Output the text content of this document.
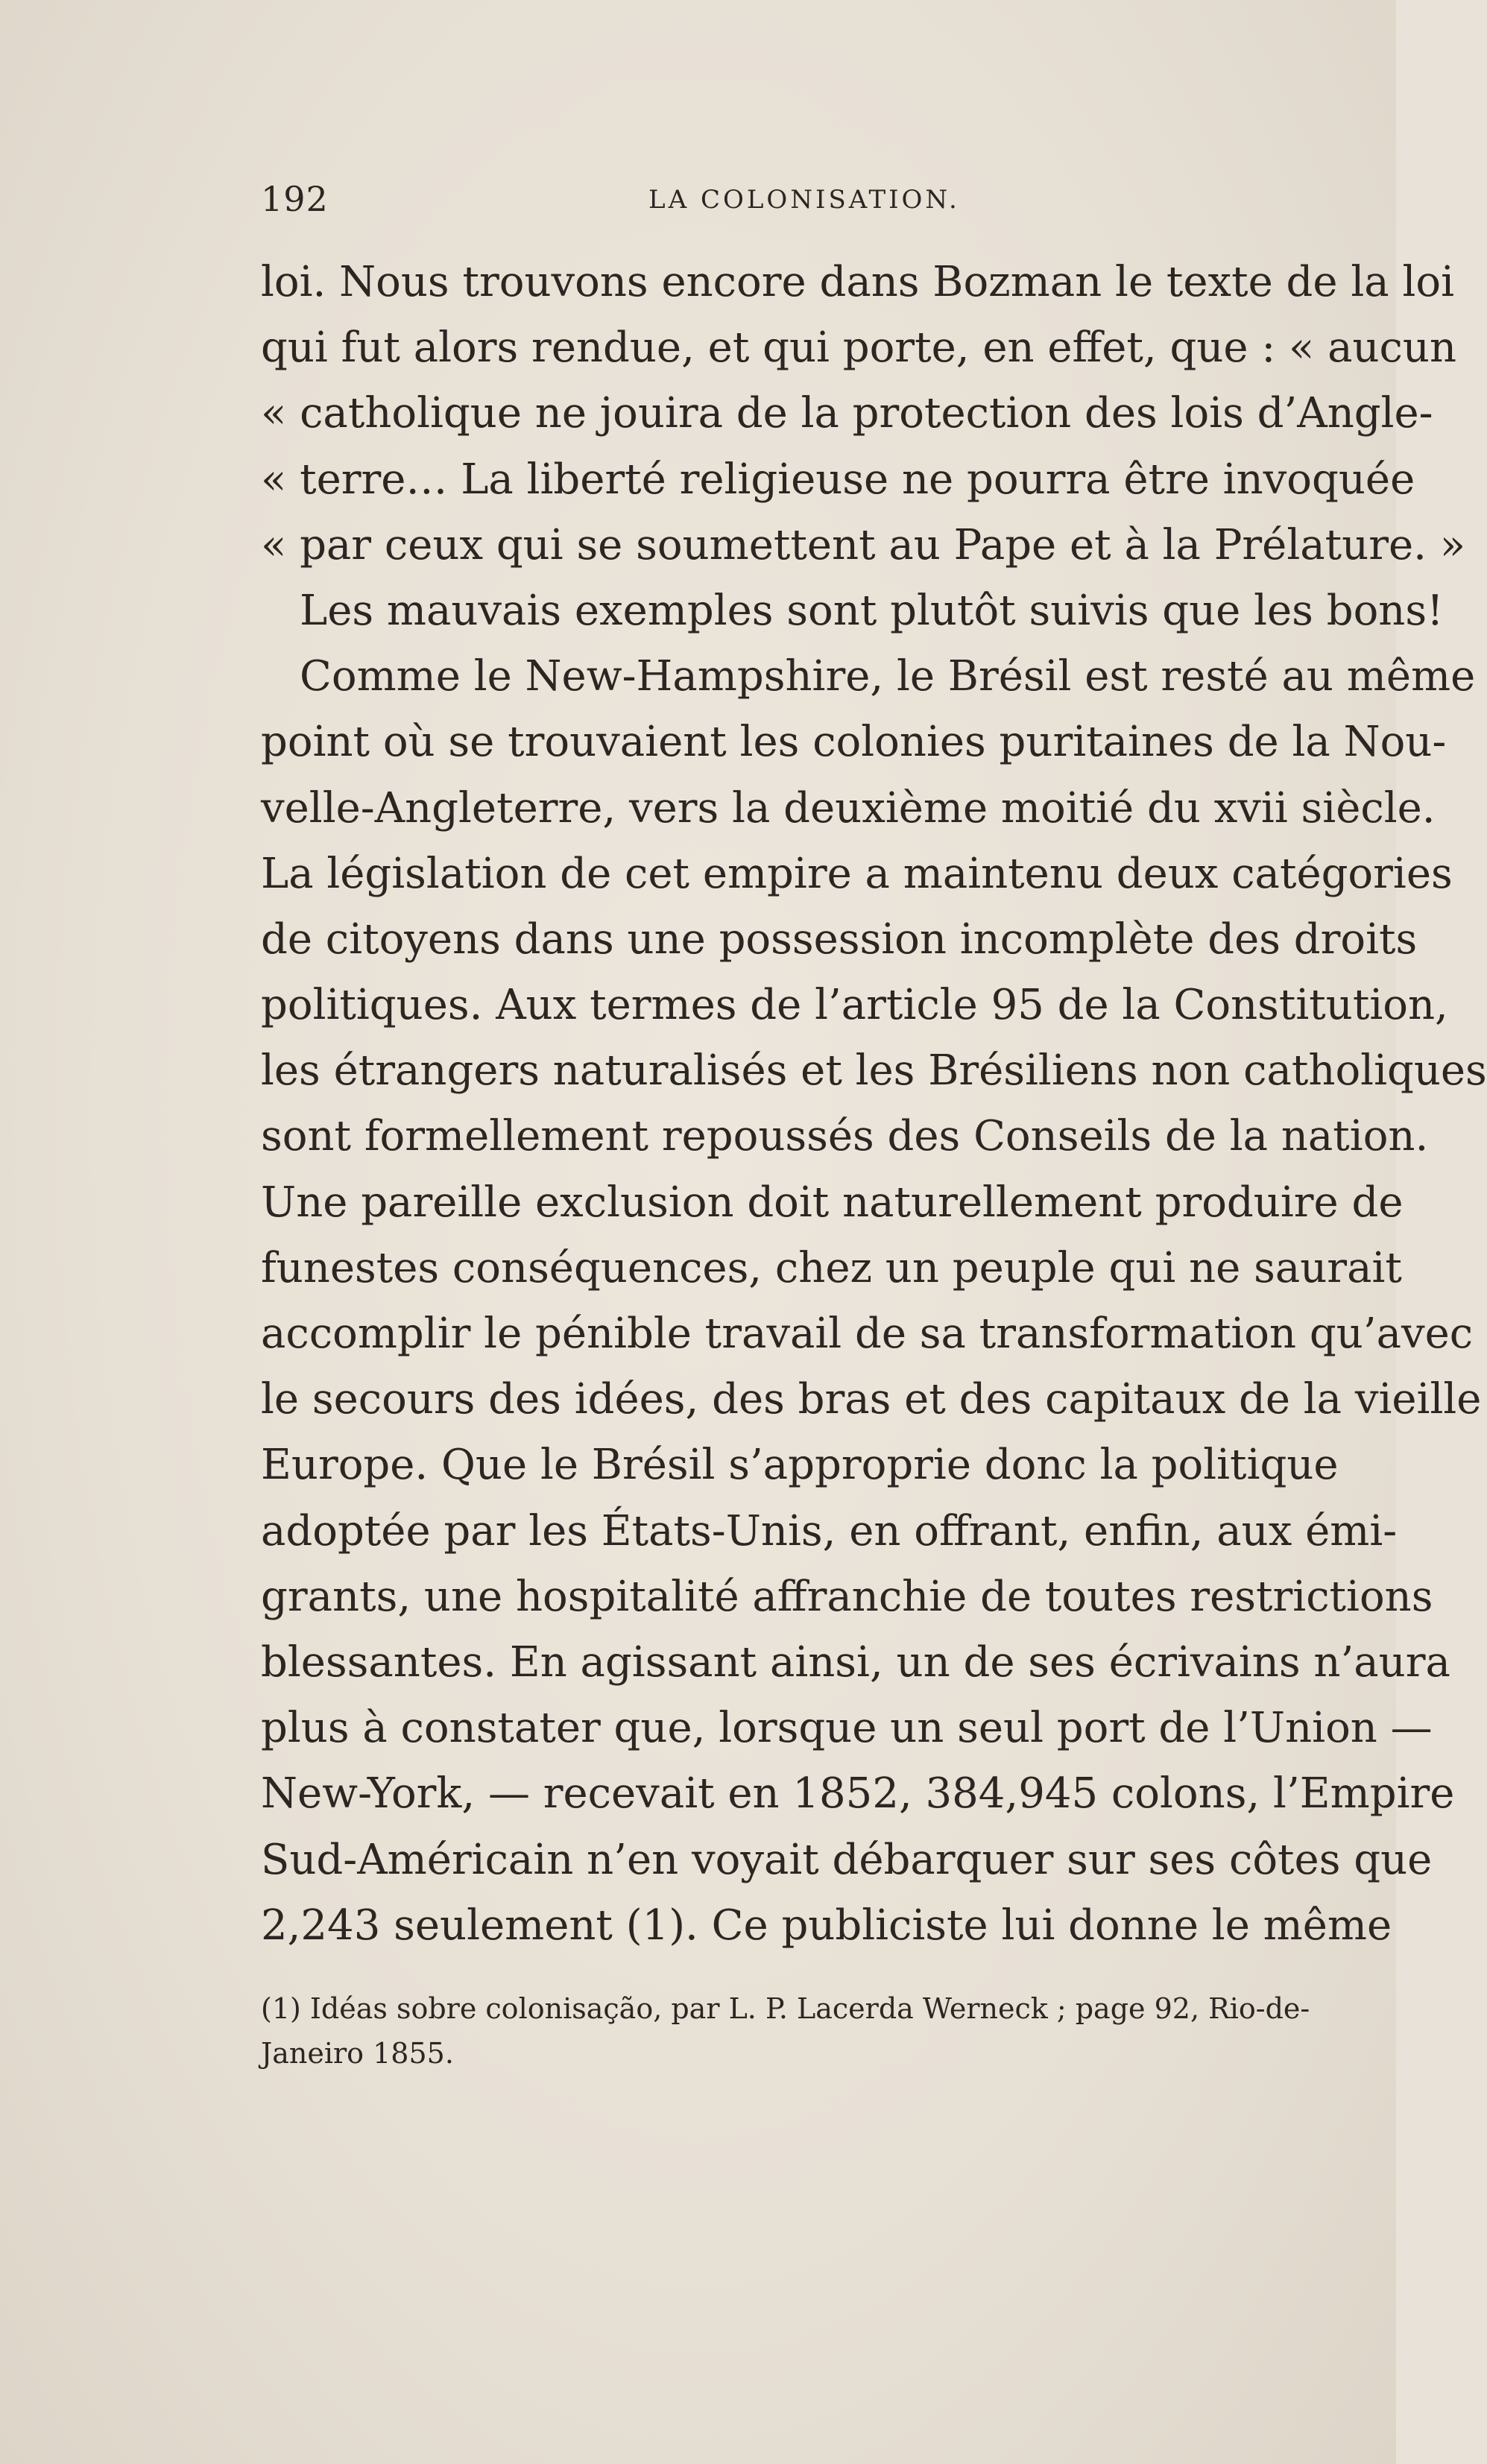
192	LA COLONISATION.
loi. Nous trouvons encore dans Bozman le texte de la loi
qui fut alors rendue, et qui porte, en effet, que : « aucun
« catholique ne jouira de la protection des lois d’Angle-
« terre… La liberté religieuse ne pourra être invoquée
« par ceux qui se soumettent au Pape et à la Prélature. »
Les mauvais exemples sont plutôt suivis que les bons!
Comme le New-Hampshire, le Brésil est resté au même
point où se trouvaient les colonies puritaines de la Nou-
velle-Angleterre, vers la deuxième moitié du xvii siècle.
La législation de cet empire a maintenu deux catégories
de citoyens dans une possession incomplète des droits
politiques. Aux termes de l’article 95 de la Constitution,
les étrangers naturalisés et les Brésiliens non catholiques
sont formellement repoussés des Conseils de la nation.
Une pareille exclusion doit naturellement produire de
funestes conséquences, chez un peuple qui ne saurait
accomplir le pénible travail de sa transformation qu’avec
le secours des idées, des bras et des capitaux de la vieille
Europe. Que le Brésil s’approprie donc la politique
adoptée par les États-Unis, en offrant, enfin, aux émi-
grants, une hospitalité affranchie de toutes restrictions
blessantes. En agissant ainsi, un de ses écrivains n’aura
plus à constater que, lorsque un seul port de l’Union —
New-York, — recevait en 1852, 384,945 colons, l’Empire
Sud-Américain n’en voyait débarquer sur ses côtes que
2,243 seulement (1). Ce publiciste lui donne le même
(1) Idéas sobre colonisação, par L. P. Lacerda Werneck ; page 92, Rio-de-
Janeiro 1855.
